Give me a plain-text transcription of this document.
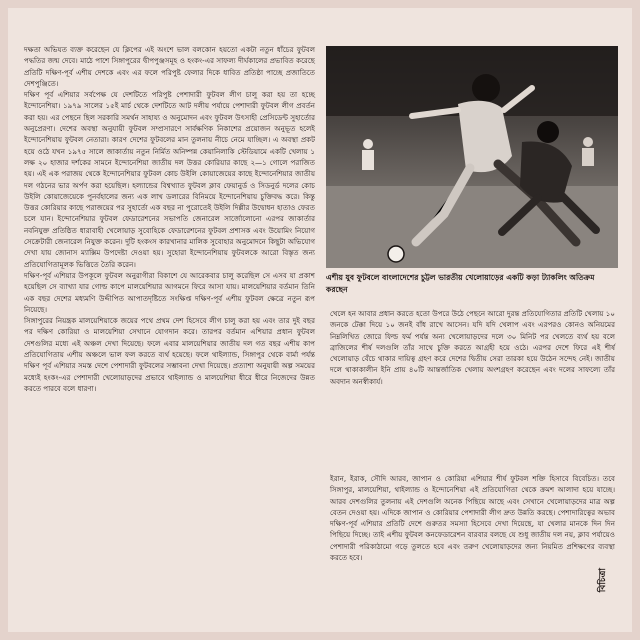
দক্ষতা অভিযত ব্যক্ত করেছেন যে ক্লিপের এই অংশে ভাল বলকোন হয়তো একটা নতুন ধাঁচের ফুটবল পদ্ধতির জন্ম দেবে। মাঠে পাশে সিঙ্গাপুরের দ্বীপপুঞ্জসমূহ ও হংকং-এর সাফল্য দীর্ঘকালের প্রভাবিত করেছে প্রতিটি দক্ষিণ-পূর্ব এশীয় দেশকে এবং এর ফলে পরিপুষ্ট ফেলার দিকে ধাবিত প্রতিষ্ঠা পাচ্ছে প্রজাতিতে দেশপুঞ্জিতে।

দক্ষিণ পূর্ব এশিয়ার সর্বপেক্ষ যে দেশটিতে পরিপুষ্ট পেশাদারী ফুটবল লীগ চালু করা হয় তা হচ্ছে ইন্দোনেশিয়া। ১৯৭৯ সালের ১৫ই মার্চ থেকে দেশটিতে আট দলীয় পর্যায়ে পেশাদারী ফুটবল লীগ প্রবর্তন করা হয়। এর পেছনে ছিল সরকারি সমর্থন সাহায্য ও অনুমোদন এবং ফুটবল উৎসাহী প্রেসিডেন্ট সুহার্তোর অনুপ্রেরণা। দেশের অবস্থা অনুযায়ী ফুটবল সম্প্রসারণে সার্বক্ষণিক নিকাশের প্রয়োজন অনুভূত হলেই ইন্দোনেশিয়ায় ফুটবল নেতারা। কারণ দেশের ফুটবলের মান তুলনায় নীচে নেমে যাচ্ছিল। এ অবস্থা প্রকট হয়ে ওঠে যখন ১৯৭৫ সালে জাকার্তায় নতুন নির্মিত অনিষ্পন্ন কেয়ানিলাকি স্টেডিয়ামে একটি খেলায় ১ লক্ষ ২০ হাজার দর্শকের সামনে ইন্দোনেশিয়া জাতীয় দল উত্তর কোরিয়ার কাছে ২—১ গোলে পরাজিত হয়। এই এক পরাজয় থেকে ইন্দোনেশিয়ার ফুটবল কোচ উইলি কোয়াজেয়ের কাছে ইন্দোনেশিয়ার জাতীয় দল গঠনের ভার অর্পণ করা হয়েছিল। হল্যান্ডের বিশ্বখ্যাত ফুটবল ক্লাব ফেয়ানুর্ড ও সিডনুর্ড দলের কোচ উইলি কোয়াজেয়েকে পুনর্বহালের জন্য এক লাখ ডলারের বিনিময়ে ইন্দোনেশিয়ায় চুক্তিবদ্ধ করে। কিন্তু উত্তর কোরিয়ার কাছে পরাজয়ের পর সুহার্তো এক বছর না পুরোতেই উইলি দিল্লীর উদ্বোধন হাতাও ফেরত চলে যান। ইন্দোনেশিয়ার ফুটবল ফেডারেশনের সভাপতি জেনারেল সার্জোলোনো এরপর জাকার্তার নবনিযুক্ত প্রতিষ্ঠিত ধারাবাহী খেলোয়াড় সুবোহিকে ফেডারেশনের ফুটবল প্রশাসক এবং উয়োমিং নিয়োগ সেক্রেটারী জেনারেল নিযুক্ত করেন। দুটি হংকংস কারখানার মালিক সুবোহার অনুমোদনে কিছুটা অভিযোগ দেখা যায় জোনাস ম্যাক্সিম উপদেষ্টা দেওয়া হয়। সুহোরা ইন্দোনেশিয়ায় ফুটবলকে আরো বিস্তৃত জন্য প্রতিযোগিতামূলক ভিত্তিতে তৈরি করেন।

দক্ষিণ-পূর্ব এশিয়ার উপকূলে ফুটবল অনুরাগীরা বিকাশে যে আরেকবার চালু করেছিল সে এসব যা প্রকাশ হয়েছিল সে ব্যাখ্যা যার গোল্ড কাপে মালয়েশিয়ার আগমনে ফিরে আসা যায়। মালয়েশিয়ার বর্তমান তিনি এক বছর দেশের মধ্যমণি উদ্দীপিত আপাতদৃষ্টিতে সংক্ষিপ্ত দক্ষিণ-পূর্ব এশীয় ফুটবল ক্ষেত্রে নতুন রূপ নিয়েছে।

সিঙ্গাপুরের নিয়ন্ত্রক মালয়েশিয়াকে জয়ের পথে প্রথম দেশ হিসেবে লীগ চালু করা হয় এবং তার দুই বছর পর দক্ষিণ কোরিয়া ও মালয়েশিয়া সেখানে যোগদান করে। তারপর বর্তমান এশিয়ার প্রধান ফুটবল দেশগুলির মধ্যে এই অঞ্চল দেখা দিয়েছে। ফলে এবার মালয়েশিয়ার জাতীয় দল গত বছর এশীয় কাপ প্রতিযোগিতায় এশীয় অঞ্চলে ভাল ফল করতে ব্যর্থ হয়েছে। ফলে থাইল্যান্ড, সিঙ্গাপুর থেকে বার্মা পর্যন্ত দক্ষিণ পূর্ব এশিয়ার সমস্ত দেশে পেশাদারী ফুটবলের সম্ভাবনা দেখা দিয়েছে। প্রত্যাশা অনুযায়ী অল্প সময়ের মধ্যেই হংকং-এর পেশাদারী খেলোয়াড়দের প্রভাবে থাইল্যান্ড ও মালয়েশিয়া ধীরে ধীরে নিজেদের উন্নত করতে পারবে বলে ধারণা।

এশীয় যুব ফুটবলে বাংলাদেশের চুট্টল ভারতীয় খেলোয়াড়ের একটি কড়া ট্যাকলিং অতিক্রম করছেন

খেলে হন আবার প্রধান করতে হতো উপরে উঠে পেছনে আরো দুরন্ত প্রতিযোগিতার প্রতিটি খেলায় ১০ জনকে টেক্কা দিয়ে ১০ জনই বাঁধ রাখে আসেন। যদি যদি খেলাপ এবং এরপরও কোনও অনিয়মের নিম্নলিখিত জোরে ফিল্ড ফর্ম পর্যন্ত অন্য খেলোয়াড়দের দলে ৩০ মিনিট পর খেলতে ব্যর্থ হয় বলে ব্রাজিলের শীর্ষ দলগুলি তাঁর সাথে চুক্তি করতে আগ্রহী হয়ে ওঠে। এরপর দেশে ফিরে এই শীর্ষ খেলোয়াড় বেঁচে থাকার দায়িত্ব গ্রহণ করে দেশের দ্বিতীয় সেরা তারকা হয়ে উঠেন সন্দেহ নেই। জাতীয় দলে থাকাকালীন ইনি প্রায় ৪০টি আন্তর্জাতিক খেলায় অংশগ্রহণ করেছেন এবং দলের সাফল্যে তাঁর অবদান অনস্বীকার্য।

ইরান, ইরাক, সৌদি আরব, জাপান ও কোরিয়া এশিয়ার শীর্ষ ফুটবল শক্তি হিসাবে বিবেচিত। তবে সিঙ্গাপুর, মালয়েশিয়া, থাইল্যান্ড ও ইন্দোনেশিয়া এই প্রতিযোগিতা থেকে ক্রমশ আলাদা হয়ে যাচ্ছে। আরব দেশগুলির তুলনায় এই দেশগুলি অনেক পিছিয়ে আছে এবং সেখানে খেলোয়াড়দের মাত্র অল্প বেতন দেওয়া হয়। এদিকে জাপান ও কোরিয়ার পেশাদারী লীগ দ্রুত উন্নতি করছে। পেশাদারিত্বের অভাব দক্ষিণ-পূর্ব এশিয়ার প্রতিটি দেশে গুরুতর সমস্যা হিসেবে দেখা দিয়েছে, যা খেলার মানকে দিন দিন পিছিয়ে দিচ্ছে। তাই এশীয় ফুটবল কনফেডারেশন বারবার বলছে যে শুধু জাতীয় দল নয়, ক্লাব পর্যায়েও পেশাদারী পরিকাঠামো গড়ে তুলতে হবে এবং তরুণ খেলোয়াড়দের জন্য নিয়মিত প্রশিক্ষণের ব্যবস্থা করতে হবে।

বিচিত্রা
